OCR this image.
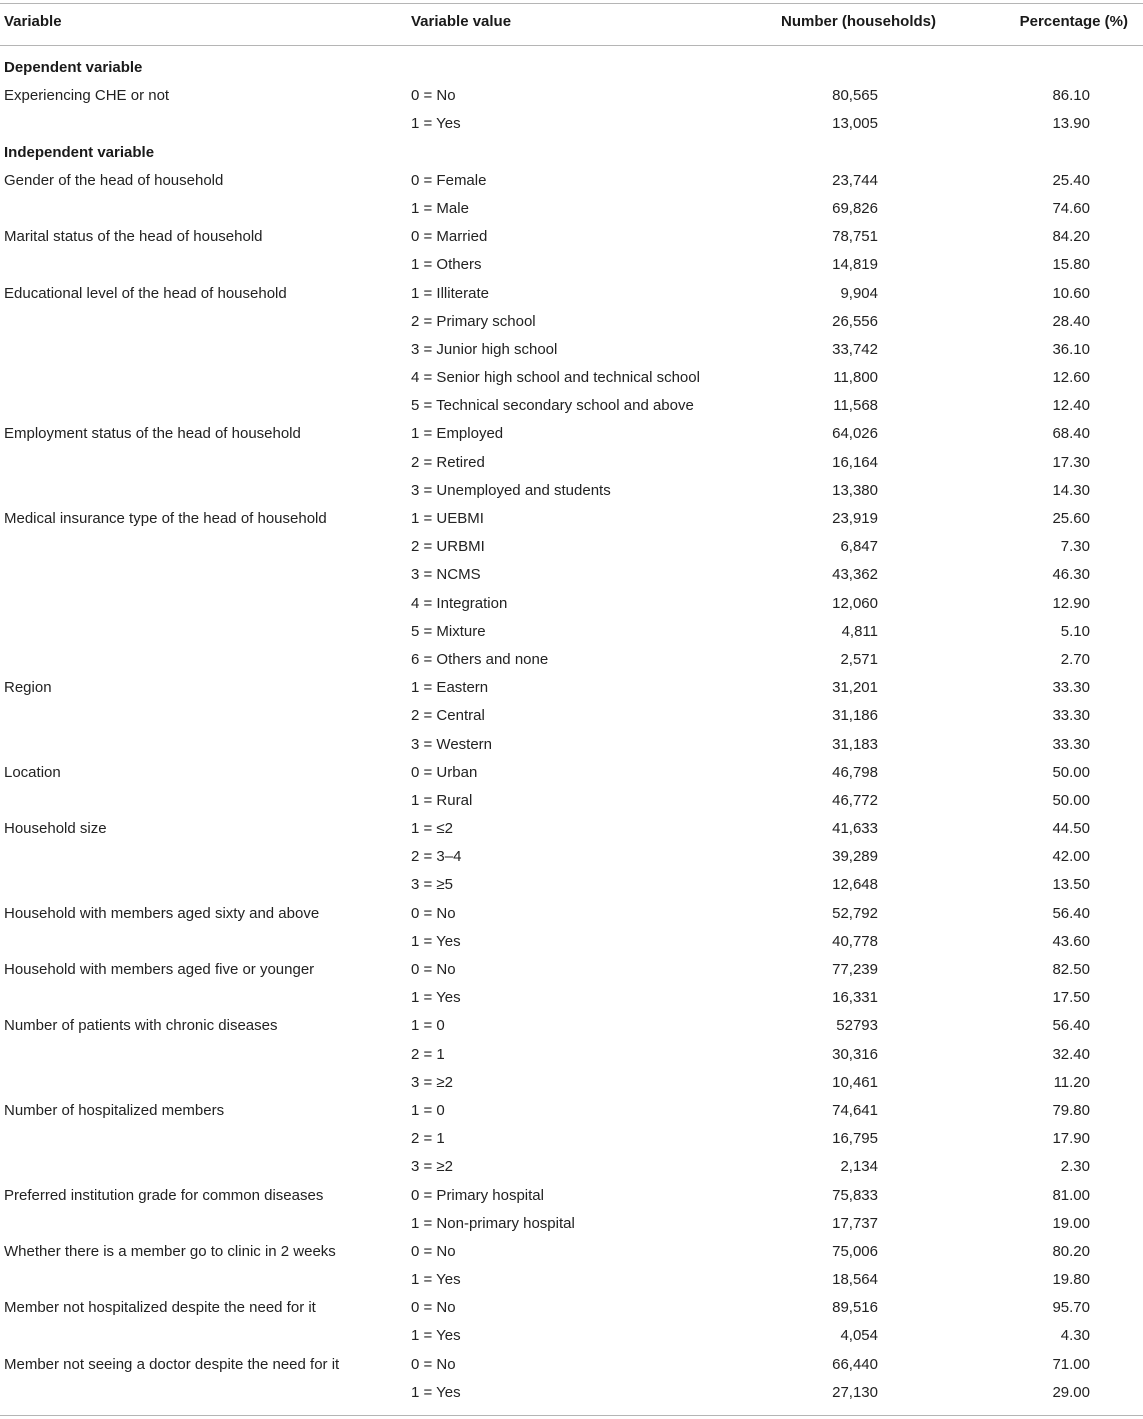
Variable	Variable value	Number (households)	Percentage (%)
Dependent variable
Experiencing CHE or not	0 = No	80,565	86.10
1 = Yes	13,005	13.90
Independent variable
Gender of the head of household	0 = Female	23,744	25.40
1 = Male	69,826	74.60
Marital status of the head of household	0 = Married	78,751	84.20
1 = Others	14,819	15.80
Educational level of the head of household	1 = Illiterate	9,904	10.60
2 = Primary school	26,556	28.40
3 = Junior high school	33,742	36.10
4 = Senior high school and technical school	11,800	12.60
5 = Technical secondary school and above	11,568	12.40
Employment status of the head of household	1 = Employed	64,026	68.40
2 = Retired	16,164	17.30
3 = Unemployed and students	13,380	14.30
Medical insurance type of the head of household	1 = UEBMI	23,919	25.60
2 = URBMI	6,847	7.30
3 = NCMS	43,362	46.30
4 = Integration	12,060	12.90
5 = Mixture	4,811	5.10
6 = Others and none	2,571	2.70
Region	1 = Eastern	31,201	33.30
2 = Central	31,186	33.30
3 = Western	31,183	33.30
Location	0 = Urban	46,798	50.00
1 = Rural	46,772	50.00
Household size	1 = ≤2	41,633	44.50
2 = 3–4	39,289	42.00
3 = ≥5	12,648	13.50
Household with members aged sixty and above	0 = No	52,792	56.40
1 = Yes	40,778	43.60
Household with members aged five or younger	0 = No	77,239	82.50
1 = Yes	16,331	17.50
Number of patients with chronic diseases	1 = 0	52793	56.40
2 = 1	30,316	32.40
3 = ≥2	10,461	11.20
Number of hospitalized members	1 = 0	74,641	79.80
2 = 1	16,795	17.90
3 = ≥2	2,134	2.30
Preferred institution grade for common diseases	0 = Primary hospital	75,833	81.00
1 = Non-primary hospital	17,737	19.00
Whether there is a member go to clinic in 2 weeks	0 = No	75,006	80.20
1 = Yes	18,564	19.80
Member not hospitalized despite the need for it	0 = No	89,516	95.70
1 = Yes	4,054	4.30
Member not seeing a doctor despite the need for it	0 = No	66,440	71.00
1 = Yes	27,130	29.00
